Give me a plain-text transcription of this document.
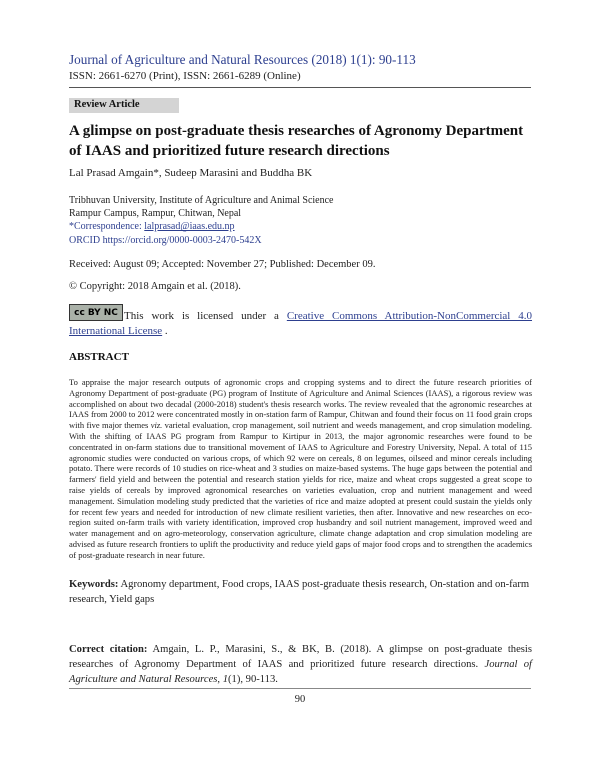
Journal of Agriculture and Natural Resources (2018) 1(1): 90-113
ISSN: 2661-6270 (Print), ISSN: 2661-6289 (Online)
Review Article
A glimpse on post-graduate thesis researches of Agronomy Department of IAAS and prioritized future research directions
Lal Prasad Amgain*, Sudeep Marasini and Buddha BK
Tribhuvan University, Institute of Agriculture and Animal Science
Rampur Campus, Rampur, Chitwan, Nepal
*Correspondence: lalprasad@iaas.edu.np
ORCID https://orcid.org/0000-0003-2470-542X
Received: August 09; Accepted: November 27; Published: December 09.
© Copyright: 2018 Amgain et al. (2018).
This work is licensed under a Creative Commons Attribution-NonCommercial 4.0 International License .
cc BY NC
ABSTRACT
To appraise the major research outputs of agronomic crops and cropping systems and to direct the future research priorities of Agronomy Department of post-graduate (PG) program of Institute of Agriculture and Animal Sciences (IAAS), a rigorous review was accomplished on about two decadal (2000-2018) student's thesis research works. The review revealed that the agronomic researches at IAAS from 2000 to 2012 were concentrated mostly in on-station farm of Rampur, Chitwan and found their focus on 11 food grain crops with five major themes viz. varietal evaluation, crop management, soil nutrient and weeds management, and crop simulation modeling. With the shifting of IAAS PG program from Rampur to Kirtipur in 2013, the major agronomic researches were found to be concentrated in on-farm stations due to transitional movement of IAAS to Agriculture and Forestry University, Nepal. A total of 115 agronomic studies were conducted on various crops, of which 92 were on cereals, 8 on legumes, oilseed and minor cereals including potato. There were records of 10 studies on rice-wheat and 3 studies on maize-based systems. The huge gaps between the potential and farmers' field yield and between the potential and research station yields for rice, maize and wheat crops suggested a great scope to raise yields of cereals by improved agronomical researches on varieties evaluation, crop and nutrient management and weed management. Simulation modeling study predicted that the varieties of rice and maize adopted at present could sustain the yields only for recent few years and needed for introduction of new climate resilient varieties, then after. Innovative and new researches on eco-region suited on-farm trails with variety identification, improved crop husbandry and soil nutrient management, improved weed and water management and on agro-meteorology, conservation agriculture, climate change adaptation and crop simulation modeling are advised as future research frontiers to uplift the productivity and reduce yield gaps of major food crops and to strengthen the academics of post-graduate research in near future.
Keywords: Agronomy department, Food crops, IAAS post-graduate thesis research, On-station and on-farm research, Yield gaps
Correct citation: Amgain, L. P., Marasini, S., & BK, B. (2018). A glimpse on post-graduate thesis researches of Agronomy Department of IAAS and prioritized future research directions. Journal of Agriculture and Natural Resources, 1(1), 90-113.
90
